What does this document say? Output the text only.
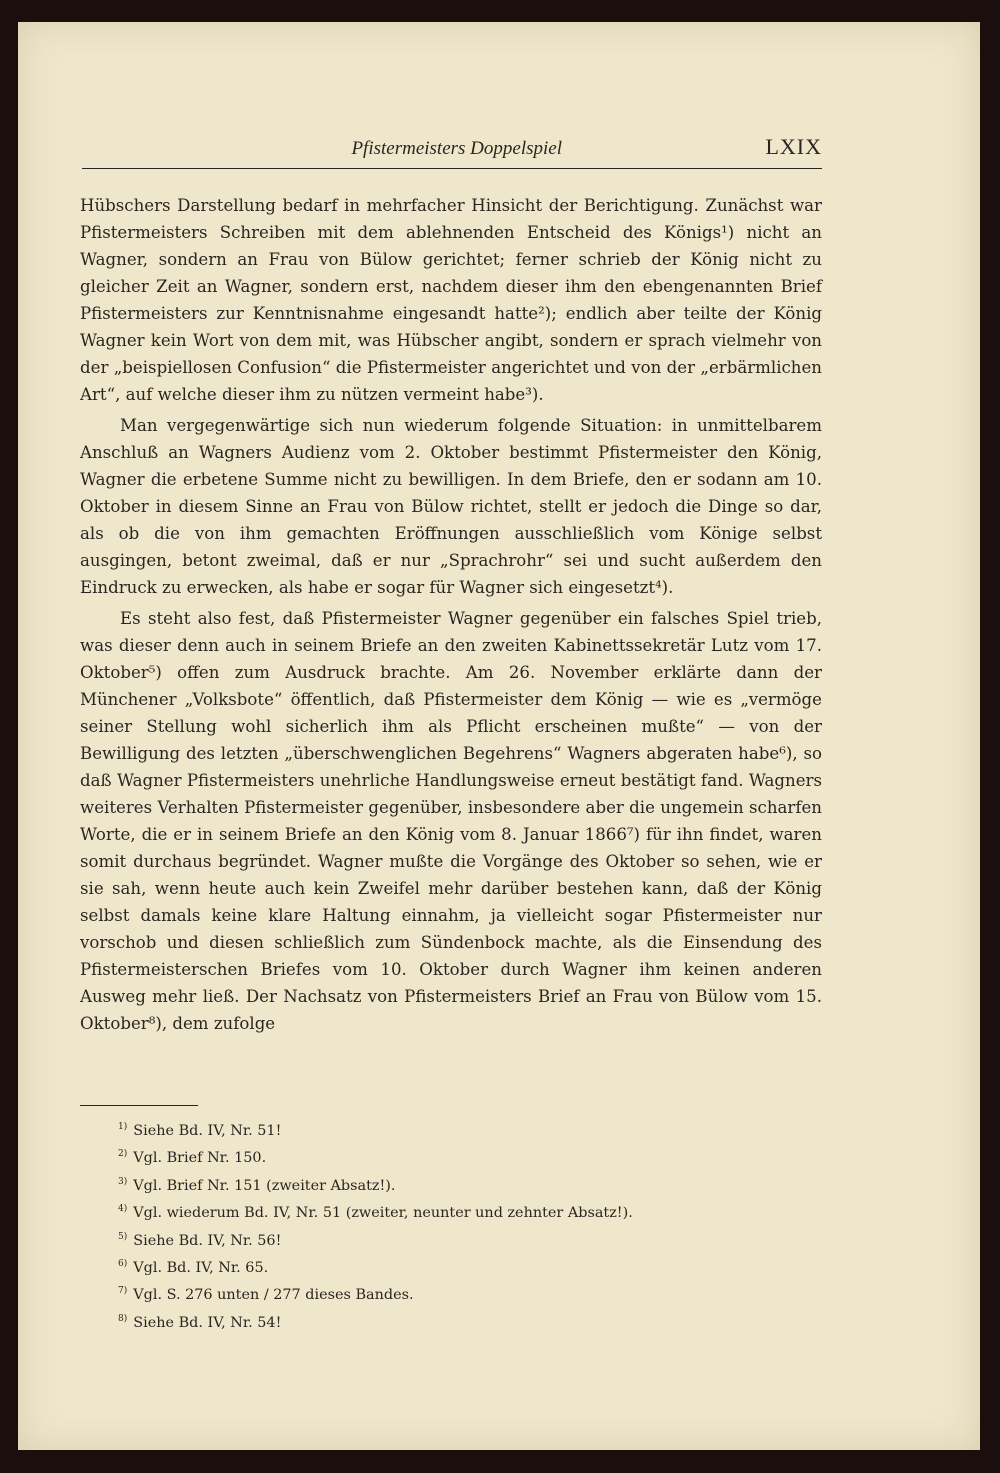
Pfistermeisters Doppelspiel	LXIX

Hübschers Darstellung bedarf in mehrfacher Hinsicht der Berichtigung. Zunächst war Pfistermeisters Schreiben mit dem ablehnenden Entscheid des Königs¹) nicht an Wagner, sondern an Frau von Bülow gerichtet; ferner schrieb der König nicht zu gleicher Zeit an Wagner, sondern erst, nachdem dieser ihm den ebengenannten Brief Pfistermeisters zur Kenntnisnahme eingesandt hatte²); endlich aber teilte der König Wagner kein Wort von dem mit, was Hübscher angibt, sondern er sprach vielmehr von der „beispiellosen Confusion“ die Pfistermeister angerichtet und von der „erbärmlichen Art“, auf welche dieser ihm zu nützen vermeint habe³).

Man vergegenwärtige sich nun wiederum folgende Situation: in unmittelbarem Anschluß an Wagners Audienz vom 2. Oktober bestimmt Pfistermeister den König, Wagner die erbetene Summe nicht zu bewilligen. In dem Briefe, den er sodann am 10. Oktober in diesem Sinne an Frau von Bülow richtet, stellt er jedoch die Dinge so dar, als ob die von ihm gemachten Eröffnungen ausschließlich vom Könige selbst ausgingen, betont zweimal, daß er nur „Sprachrohr“ sei und sucht außerdem den Eindruck zu erwecken, als habe er sogar für Wagner sich eingesetzt⁴).

Es steht also fest, daß Pfistermeister Wagner gegenüber ein falsches Spiel trieb, was dieser denn auch in seinem Briefe an den zweiten Kabinettssekretär Lutz vom 17. Oktober⁵) offen zum Ausdruck brachte. Am 26. November erklärte dann der Münchener „Volksbote“ öffentlich, daß Pfistermeister dem König — wie es „vermöge seiner Stellung wohl sicherlich ihm als Pflicht erscheinen mußte“ — von der Bewilligung des letzten „überschwenglichen Begehrens“ Wagners abgeraten habe⁶), so daß Wagner Pfistermeisters unehrliche Handlungsweise erneut bestätigt fand. Wagners weiteres Verhalten Pfistermeister gegenüber, insbesondere aber die ungemein scharfen Worte, die er in seinem Briefe an den König vom 8. Januar 1866⁷) für ihn findet, waren somit durchaus begründet. Wagner mußte die Vorgänge des Oktober so sehen, wie er sie sah, wenn heute auch kein Zweifel mehr darüber bestehen kann, daß der König selbst damals keine klare Haltung einnahm, ja vielleicht sogar Pfistermeister nur vorschob und diesen schließlich zum Sündenbock machte, als die Einsendung des Pfistermeisterschen Briefes vom 10. Oktober durch Wagner ihm keinen anderen Ausweg mehr ließ. Der Nachsatz von Pfistermeisters Brief an Frau von Bülow vom 15. Oktober⁸), dem zufolge

$^{1)}$ Siehe Bd. IV, Nr. 51!
$^{2)}$ Vgl. Brief Nr. 150.
$^{3)}$ Vgl. Brief Nr. 151 (zweiter Absatz!).
$^{4)}$ Vgl. wiederum Bd. IV, Nr. 51 (zweiter, neunter und zehnter Absatz!).
$^{5)}$ Siehe Bd. IV, Nr. 56!
$^{6)}$ Vgl. Bd. IV, Nr. 65.
$^{7)}$ Vgl. S. 276 unten / 277 dieses Bandes.
$^{8)}$ Siehe Bd. IV, Nr. 54!
